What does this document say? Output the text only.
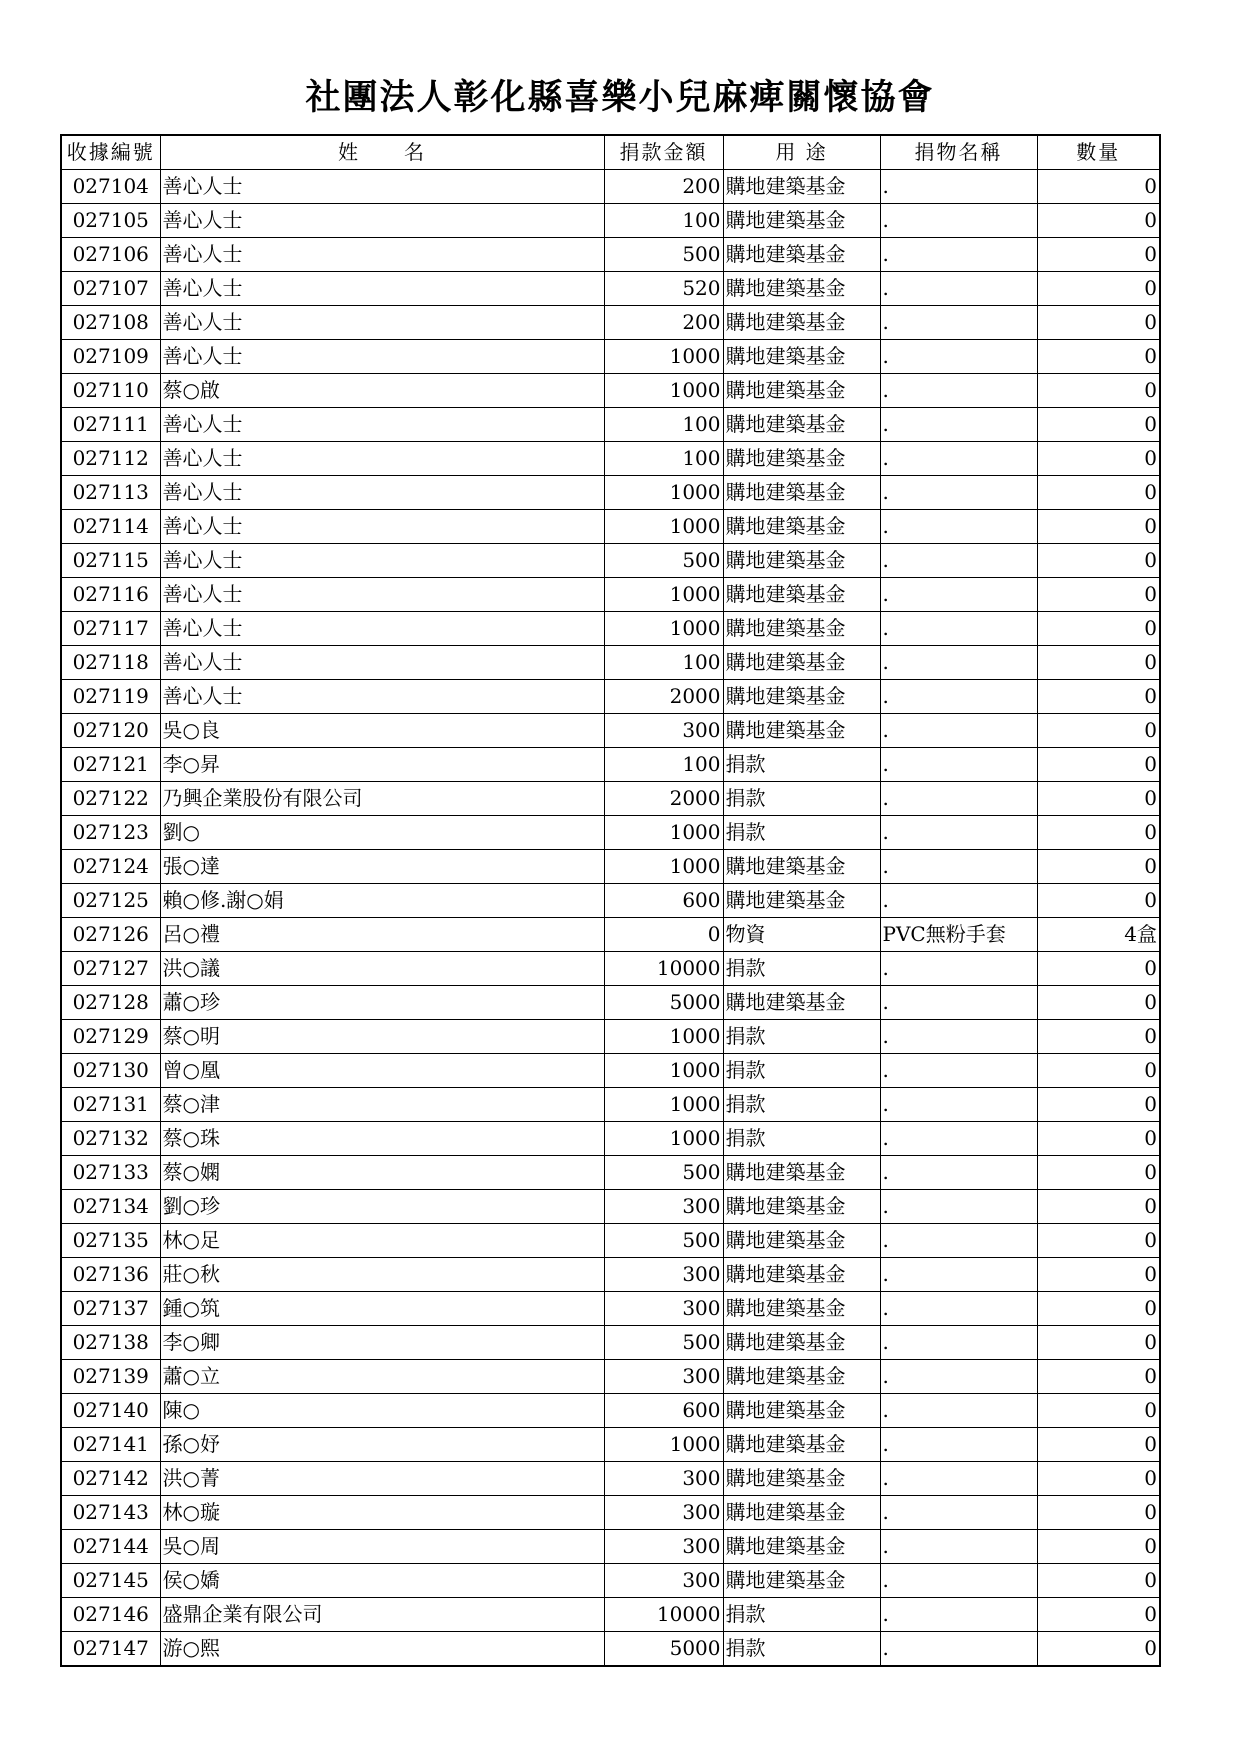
社團法人彰化縣喜樂小兒麻痺關懷協會
收據編號	姓　　名	捐款金額	用 途	捐物名稱	數量
027104	善心人士	200	購地建築基金	.	0
027105	善心人士	100	購地建築基金	.	0
027106	善心人士	500	購地建築基金	.	0
027107	善心人士	520	購地建築基金	.	0
027108	善心人士	200	購地建築基金	.	0
027109	善心人士	1000	購地建築基金	.	0
027110	蔡○啟	1000	購地建築基金	.	0
027111	善心人士	100	購地建築基金	.	0
027112	善心人士	100	購地建築基金	.	0
027113	善心人士	1000	購地建築基金	.	0
027114	善心人士	1000	購地建築基金	.	0
027115	善心人士	500	購地建築基金	.	0
027116	善心人士	1000	購地建築基金	.	0
027117	善心人士	1000	購地建築基金	.	0
027118	善心人士	100	購地建築基金	.	0
027119	善心人士	2000	購地建築基金	.	0
027120	吳○良	300	購地建築基金	.	0
027121	李○昇	100	捐款	.	0
027122	乃興企業股份有限公司	2000	捐款	.	0
027123	劉○	1000	捐款	.	0
027124	張○達	1000	購地建築基金	.	0
027125	賴○修.謝○娟	600	購地建築基金	.	0
027126	呂○禮	0	物資	PVC無粉手套	4盒
027127	洪○議	10000	捐款	.	0
027128	蕭○珍	5000	購地建築基金	.	0
027129	蔡○明	1000	捐款	.	0
027130	曾○凰	1000	捐款	.	0
027131	蔡○津	1000	捐款	.	0
027132	蔡○珠	1000	捐款	.	0
027133	蔡○嫻	500	購地建築基金	.	0
027134	劉○珍	300	購地建築基金	.	0
027135	林○足	500	購地建築基金	.	0
027136	莊○秋	300	購地建築基金	.	0
027137	鍾○筑	300	購地建築基金	.	0
027138	李○卿	500	購地建築基金	.	0
027139	蕭○立	300	購地建築基金	.	0
027140	陳○	600	購地建築基金	.	0
027141	孫○妤	1000	購地建築基金	.	0
027142	洪○菁	300	購地建築基金	.	0
027143	林○璇	300	購地建築基金	.	0
027144	吳○周	300	購地建築基金	.	0
027145	侯○嬌	300	購地建築基金	.	0
027146	盛鼎企業有限公司	10000	捐款	.	0
027147	游○熙	5000	捐款	.	0
